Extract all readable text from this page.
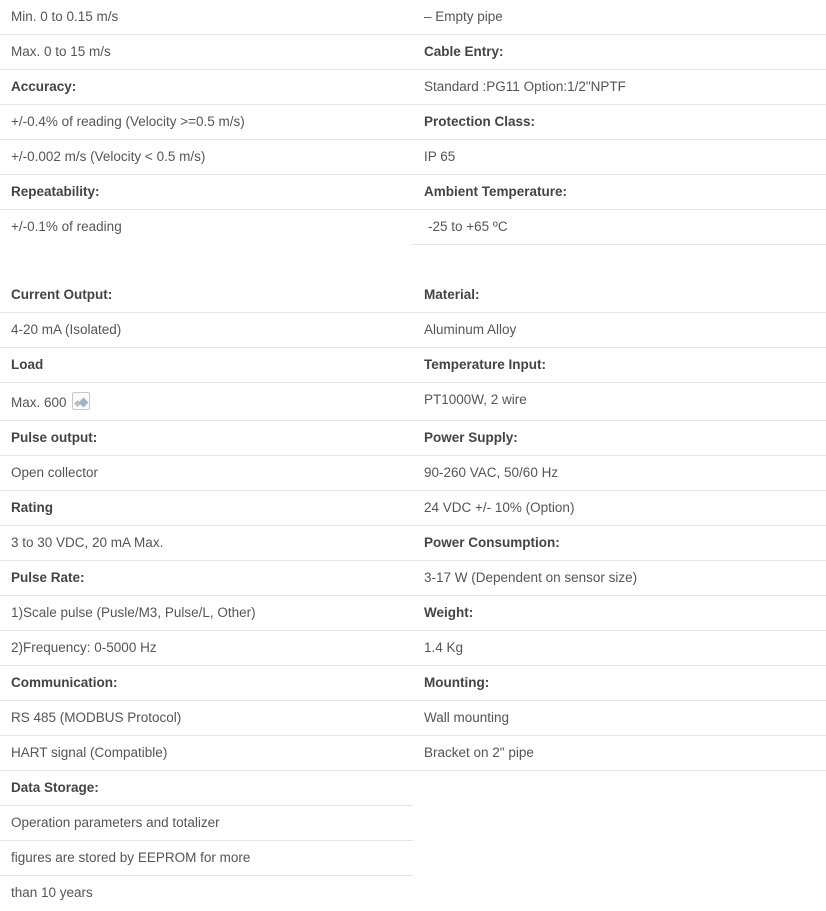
Min. 0 to 0.15 m/s	– Empty pipe
Max. 0 to 15 m/s	Cable Entry:
Accuracy:	Standard :PG11 Option:1/2"NPTF
+/-0.4% of reading (Velocity >=0.5 m/s)	Protection Class:
+/-0.002 m/s (Velocity < 0.5 m/s)	IP 65
Repeatability:	Ambient Temperature:
+/-0.1% of reading	-25 to +65 ºC

Current Output:	Material:
4-20 mA (Isolated)	Aluminum Alloy
Load	Temperature Input:
Max. 600	PT1000W, 2 wire
Pulse output:	Power Supply:
Open collector	90-260 VAC, 50/60 Hz
Rating	24 VDC +/- 10% (Option)
3 to 30 VDC, 20 mA Max.	Power Consumption:
Pulse Rate:	3-17 W (Dependent on sensor size)
1)Scale pulse (Pusle/M3, Pulse/L, Other)	Weight:
2)Frequency: 0-5000 Hz	1.4 Kg
Communication:	Mounting:
RS 485 (MODBUS Protocol)	Wall mounting
HART signal (Compatible)	Bracket on 2" pipe
Data Storage:	
Operation parameters and totalizer	
figures are stored by EEPROM for more	
than 10 years	
